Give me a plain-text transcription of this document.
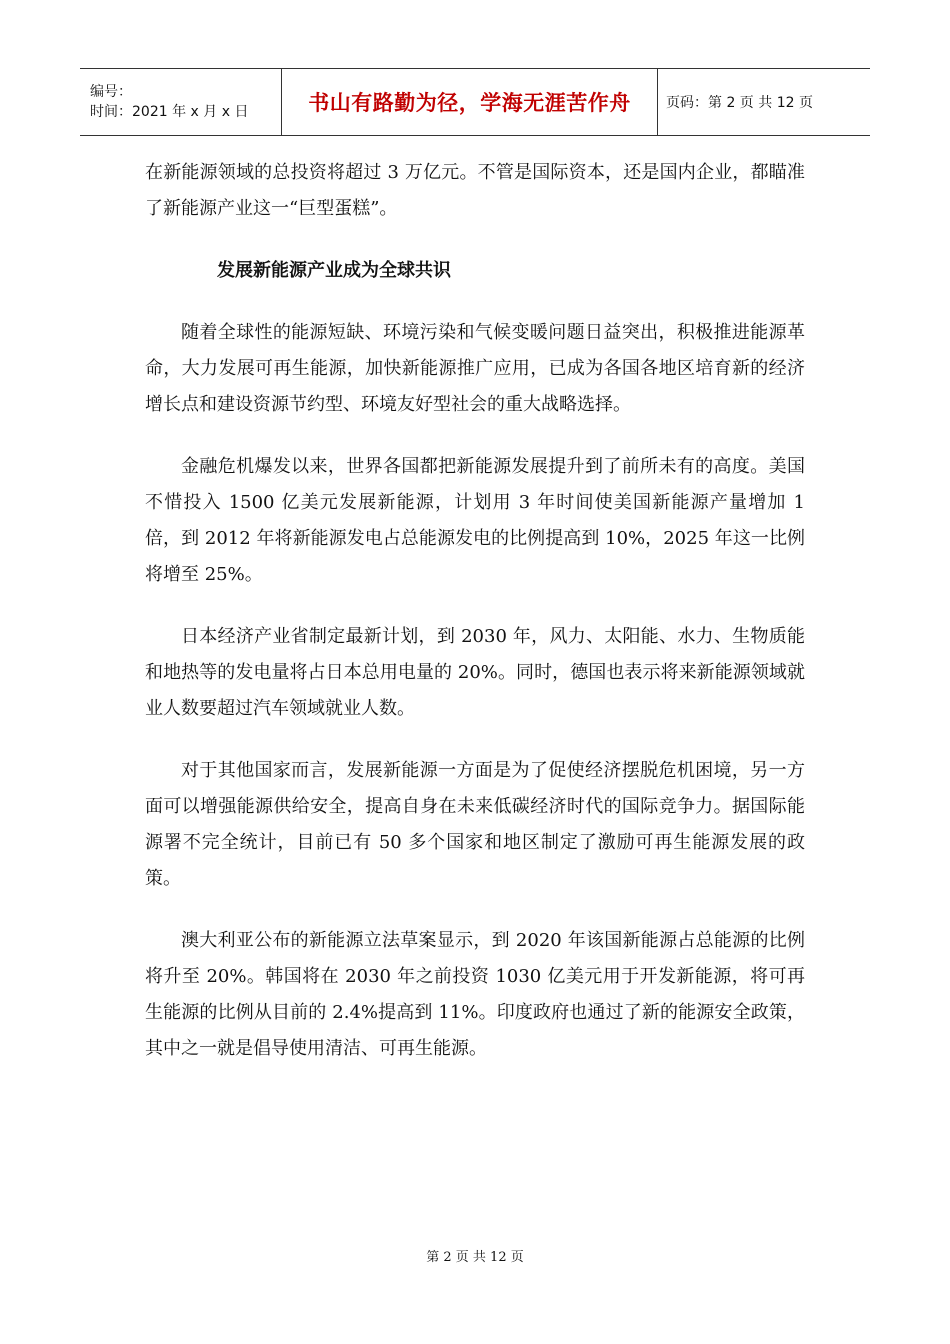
编号：
时间：2021 年 x 月 x 日	书山有路勤为径，学海无涯苦作舟	页码：第 2 页 共 12 页

在新能源领域的总投资将超过 3 万亿元。不管是国际资本，还是国内企业，都瞄准了新能源产业这一“巨型蛋糕”。

发展新能源产业成为全球共识

随着全球性的能源短缺、环境污染和气候变暖问题日益突出，积极推进能源革命，大力发展可再生能源，加快新能源推广应用，已成为各国各地区培育新的经济增长点和建设资源节约型、环境友好型社会的重大战略选择。

金融危机爆发以来，世界各国都把新能源发展提升到了前所未有的高度。美国不惜投入 1500 亿美元发展新能源，计划用 3 年时间使美国新能源产量增加 1 倍，到 2012 年将新能源发电占总能源发电的比例提高到 10%，2025 年这一比例将增至 25%。

日本经济产业省制定最新计划，到 2030 年，风力、太阳能、水力、生物质能和地热等的发电量将占日本总用电量的 20%。同时，德国也表示将来新能源领域就业人数要超过汽车领域就业人数。

对于其他国家而言，发展新能源一方面是为了促使经济摆脱危机困境，另一方面可以增强能源供给安全，提高自身在未来低碳经济时代的国际竞争力。据国际能源署不完全统计，目前已有 50 多个国家和地区制定了激励可再生能源发展的政策。

澳大利亚公布的新能源立法草案显示，到 2020 年该国新能源占总能源的比例将升至 20%。韩国将在 2030 年之前投资 1030 亿美元用于开发新能源，将可再生能源的比例从目前的 2.4%提高到 11%。印度政府也通过了新的能源安全政策，其中之一就是倡导使用清洁、可再生能源。

第 2 页 共 12 页
